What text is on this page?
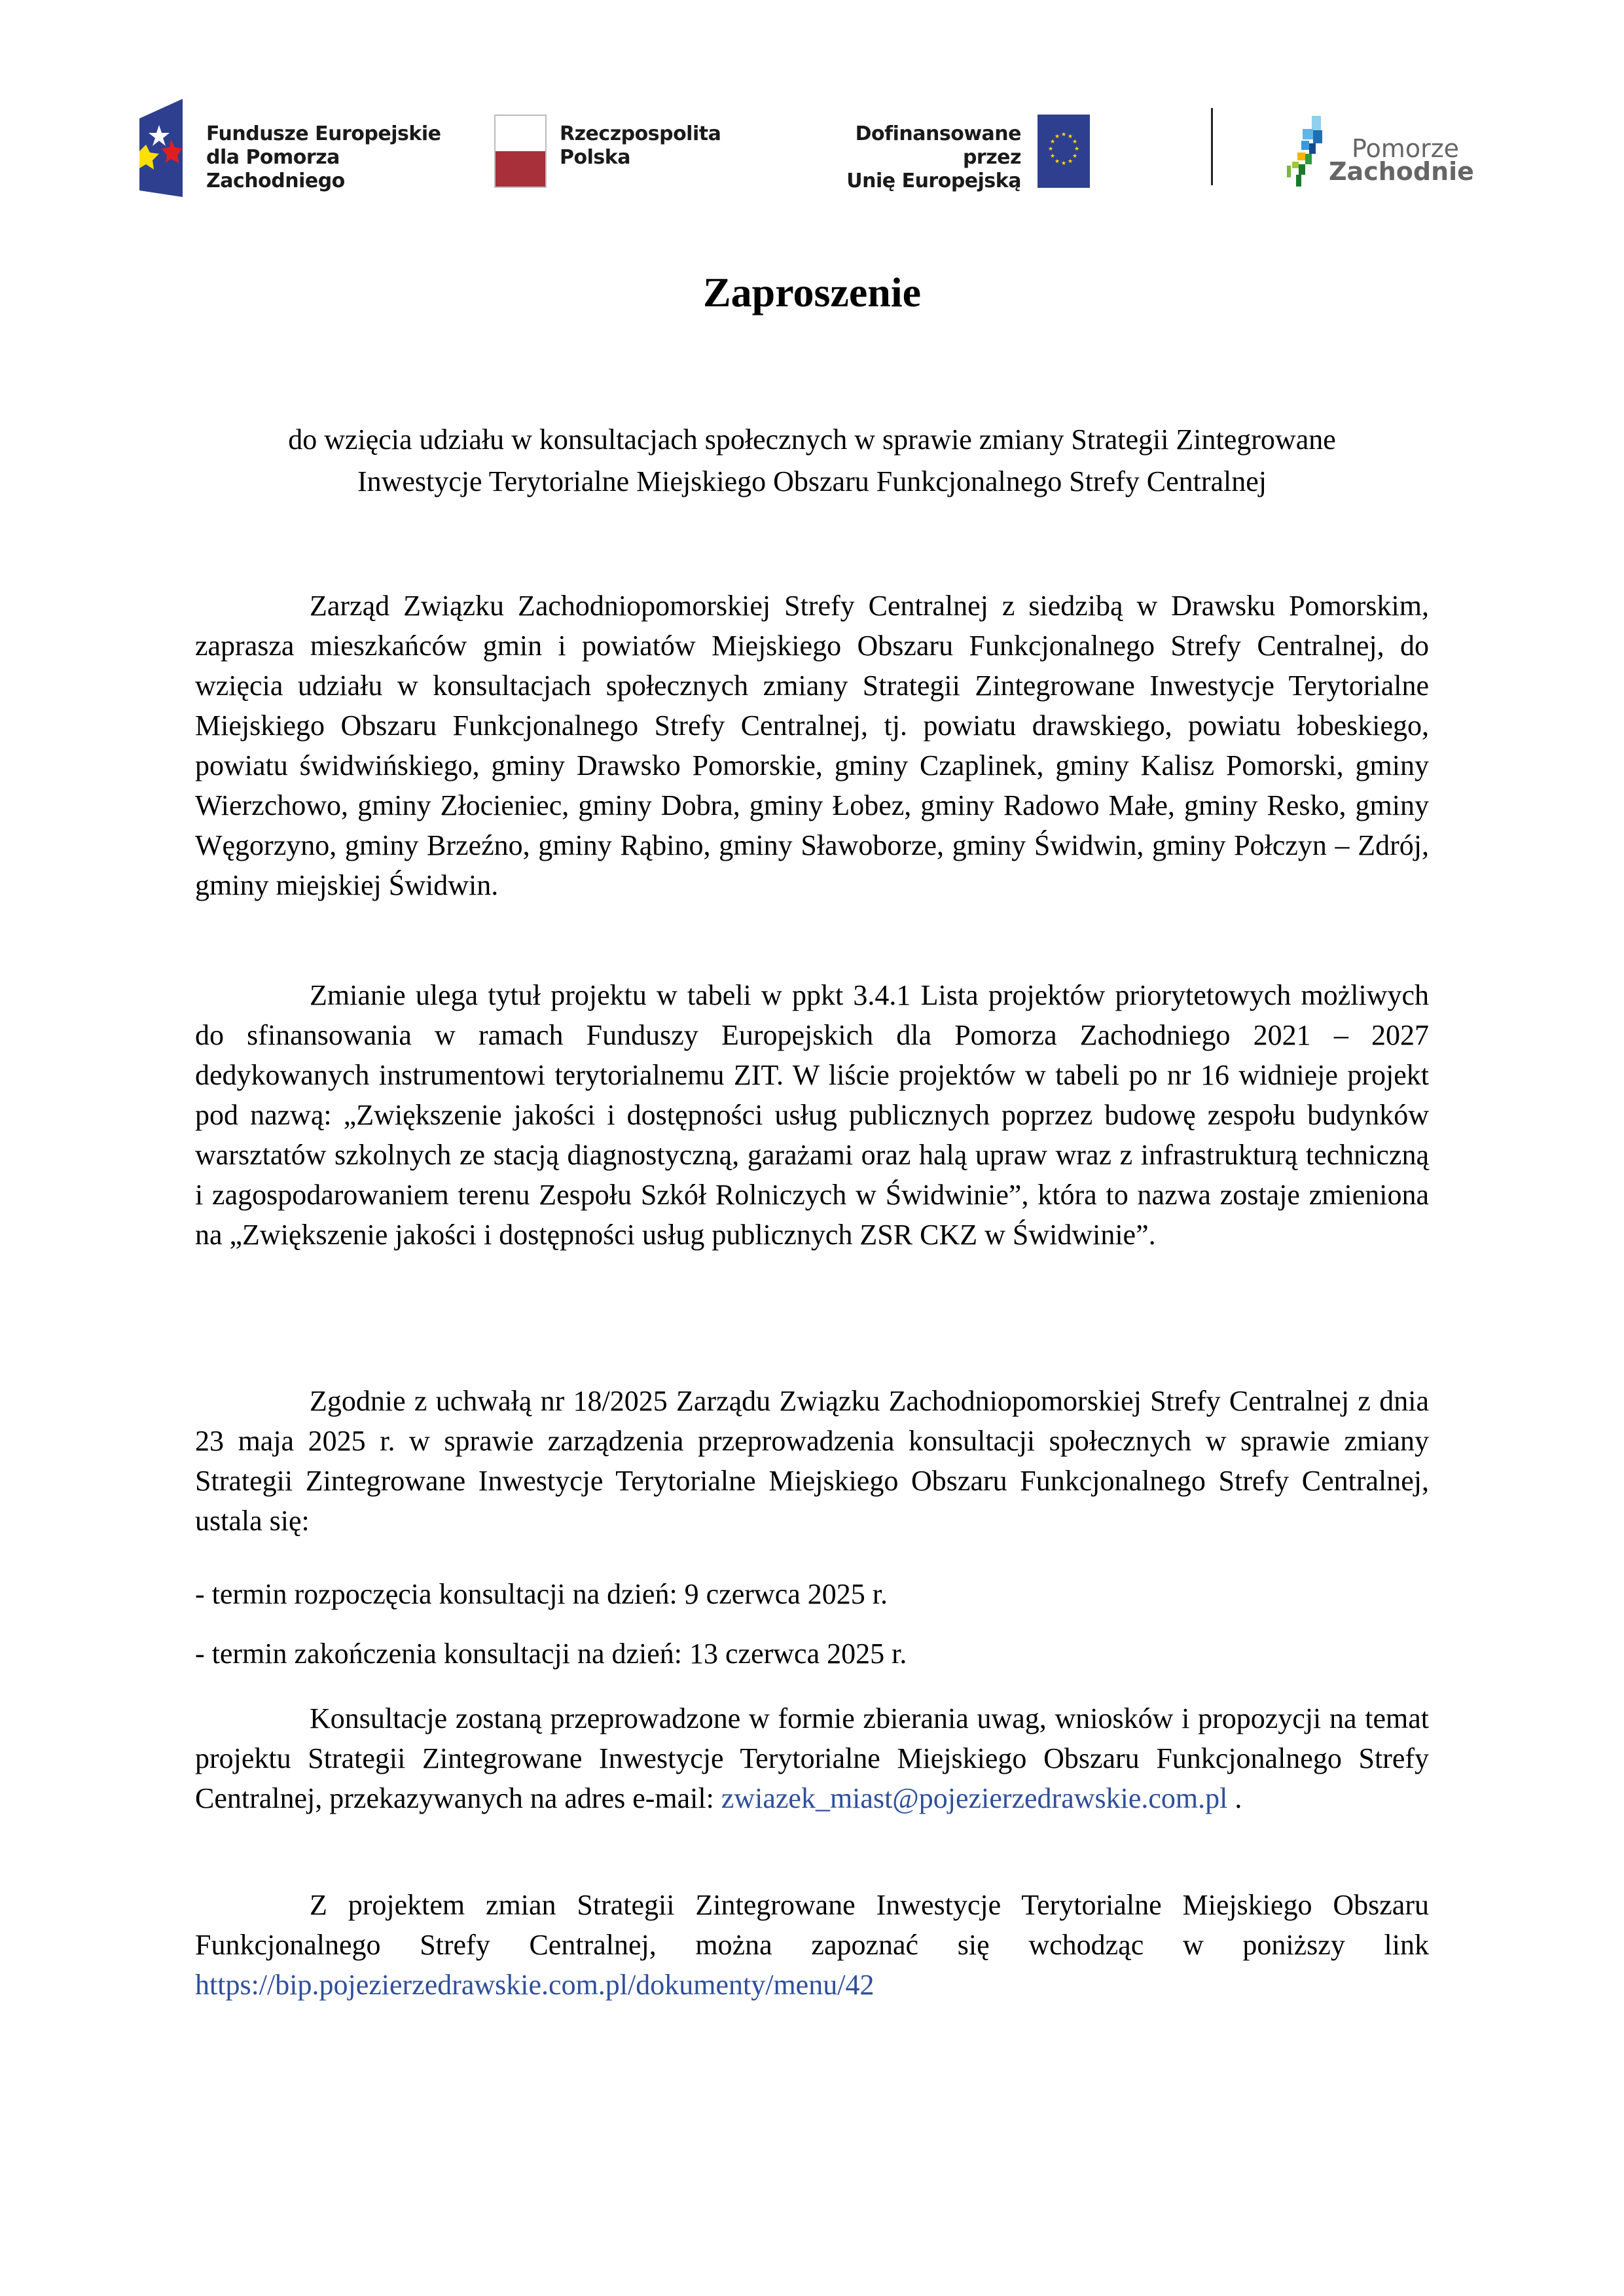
Fundusze Europejskie
dla Pomorza Zachodniego
Rzeczpospolita
Polska
Dofinansowane przez
Unię Europejską
★ ★
★
★
★
★
★
★
★
★
★
★	Pomorze
Zachodnie
Zaproszenie
do wzięcia udziału w konsultacjach społecznych w sprawie zmiany Strategii Zintegrowane
Inwestycje Terytorialne Miejskiego Obszaru Funkcjonalnego Strefy Centralnej

Zarząd Związku Zachodniopomorskiej Strefy Centralnej z siedzibą w Drawsku Pomorskim, zaprasza mieszkańców gmin i powiatów Miejskiego Obszaru Funkcjonalnego Strefy Centralnej, do wzięcia udziału w konsultacjach społecznych zmiany Strategii Zintegrowane Inwestycje Terytorialne Miejskiego Obszaru Funkcjonalnego Strefy Centralnej, tj. powiatu drawskiego, powiatu łobeskiego, powiatu świdwińskiego, gminy Drawsko Pomorskie, gminy Czaplinek, gminy Kalisz Pomorski, gminy Wierzchowo, gminy Złocieniec, gminy Dobra, gminy Łobez, gminy Radowo Małe, gminy Resko, gminy Węgorzyno, gminy Brzeźno, gminy Rąbino, gminy Sławoborze, gminy Świdwin, gminy Połczyn – Zdrój, gminy miejskiej Świdwin.

Zmianie ulega tytuł projektu w tabeli w ppkt 3.4.1 Lista projektów priorytetowych możliwych do sfinansowania w ramach Funduszy Europejskich dla Pomorza Zachodniego 2021 – 2027 dedykowanych instrumentowi terytorialnemu ZIT. W liście projektów w tabeli po nr 16 widnieje projekt pod nazwą: „Zwiększenie jakości i dostępności usług publicznych poprzez budowę zespołu budynków warsztatów szkolnych ze stacją diagnostyczną, garażami oraz halą upraw wraz z infrastrukturą techniczną i zagospodarowaniem terenu Zespołu Szkół Rolniczych w Świdwinie”, która to nazwa zostaje zmieniona na „Zwiększenie jakości i dostępności usług publicznych ZSR CKZ w Świdwinie”.

Zgodnie z uchwałą nr 18/2025 Zarządu Związku Zachodniopomorskiej Strefy Centralnej z dnia 23 maja 2025 r. w sprawie zarządzenia przeprowadzenia konsultacji społecznych w sprawie zmiany Strategii Zintegrowane Inwestycje Terytorialne Miejskiego Obszaru Funkcjonalnego Strefy Centralnej, ustala się:

- termin rozpoczęcia konsultacji na dzień: 9 czerwca 2025 r.
- termin zakończenia konsultacji na dzień: 13 czerwca 2025 r.

Konsultacje zostaną przeprowadzone w formie zbierania uwag, wniosków i propozycji na temat projektu Strategii Zintegrowane Inwestycje Terytorialne Miejskiego Obszaru Funkcjonalnego Strefy Centralnej, przekazywanych na adres e-mail: zwiazek_miast@pojezierzedrawskie.com.pl .

Z projektem zmian Strategii Zintegrowane Inwestycje Terytorialne Miejskiego Obszaru Funkcjonalnego Strefy Centralnej, można zapoznać się wchodząc w poniższy link https://bip.pojezierzedrawskie.com.pl/dokumenty/menu/42
